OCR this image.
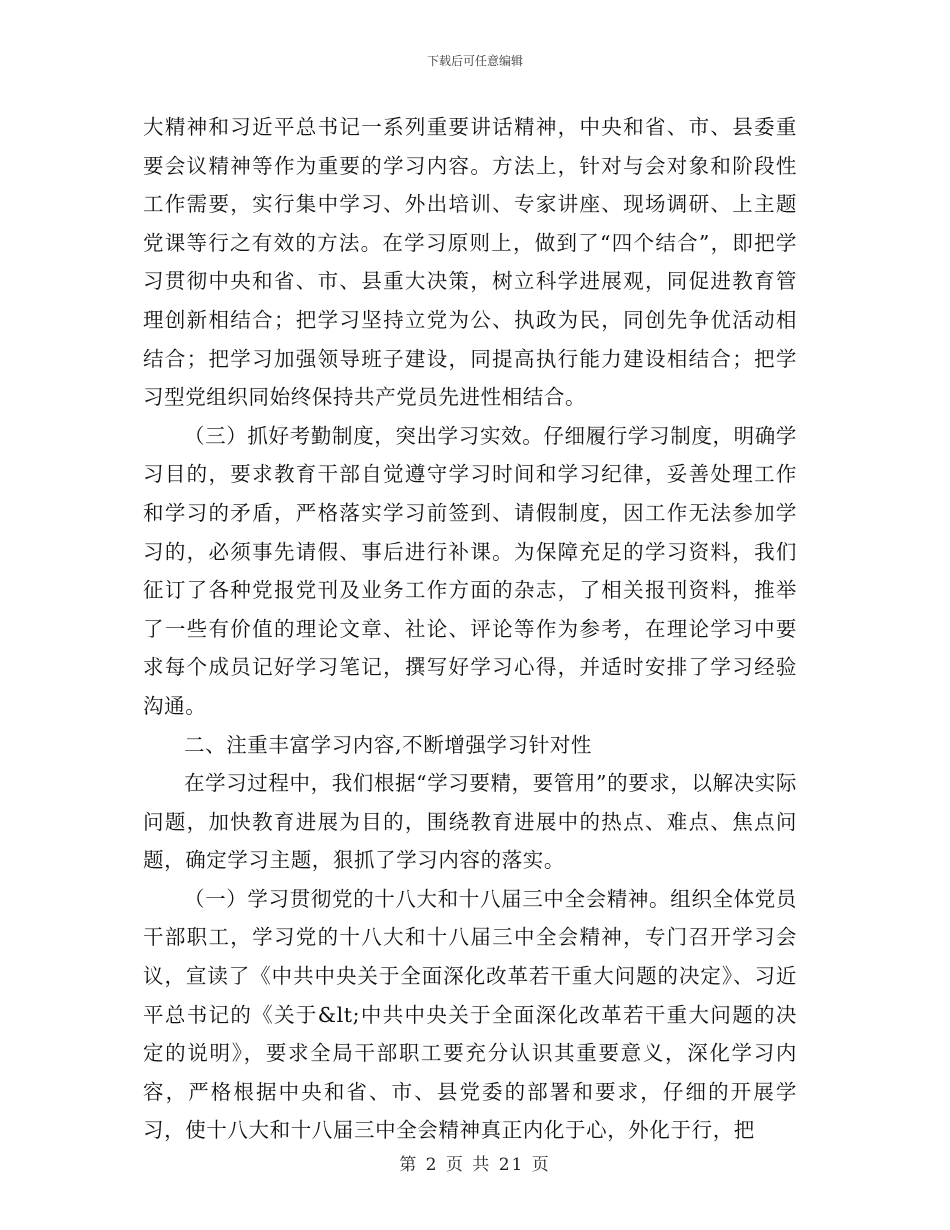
下载后可任意编辑

大精神和习近平总书记一系列重要讲话精神，中央和省、市、县委重要会议精神等作为重要的学习内容。方法上，针对与会对象和阶段性工作需要，实行集中学习、外出培训、专家讲座、现场调研、上主题党课等行之有效的方法。在学习原则上，做到了“四个结合”，即把学习贯彻中央和省、市、县重大决策，树立科学进展观，同促进教育管理创新相结合；把学习坚持立党为公、执政为民，同创先争优活动相结合；把学习加强领导班子建设，同提高执行能力建设相结合；把学习型党组织同始终保持共产党员先进性相结合。

（三）抓好考勤制度，突出学习实效。仔细履行学习制度，明确学习目的，要求教育干部自觉遵守学习时间和学习纪律，妥善处理工作和学习的矛盾，严格落实学习前签到、请假制度，因工作无法参加学习的，必须事先请假、事后进行补课。为保障充足的学习资料，我们征订了各种党报党刊及业务工作方面的杂志，了相关报刊资料，推举了一些有价值的理论文章、社论、评论等作为参考，在理论学习中要求每个成员记好学习笔记，撰写好学习心得，并适时安排了学习经验沟通。

二、注重丰富学习内容,不断增强学习针对性

在学习过程中，我们根据“学习要精，要管用”的要求，以解决实际问题，加快教育进展为目的，围绕教育进展中的热点、难点、焦点问题，确定学习主题，狠抓了学习内容的落实。

（一）学习贯彻党的十八大和十八届三中全会精神。组织全体党员干部职工，学习党的十八大和十八届三中全会精神，专门召开学习会议，宣读了《中共中央关于全面深化改革若干重大问题的决定》、习近平总书记的《关于&lt;中共中央关于全面深化改革若干重大问题的决定的说明》，要求全局干部职工要充分认识其重要意义，深化学习内容，严格根据中央和省、市、县党委的部署和要求，仔细的开展学习，使十八大和十八届三中全会精神真正内化于心，外化于行，把

第 2 页 共 21 页
